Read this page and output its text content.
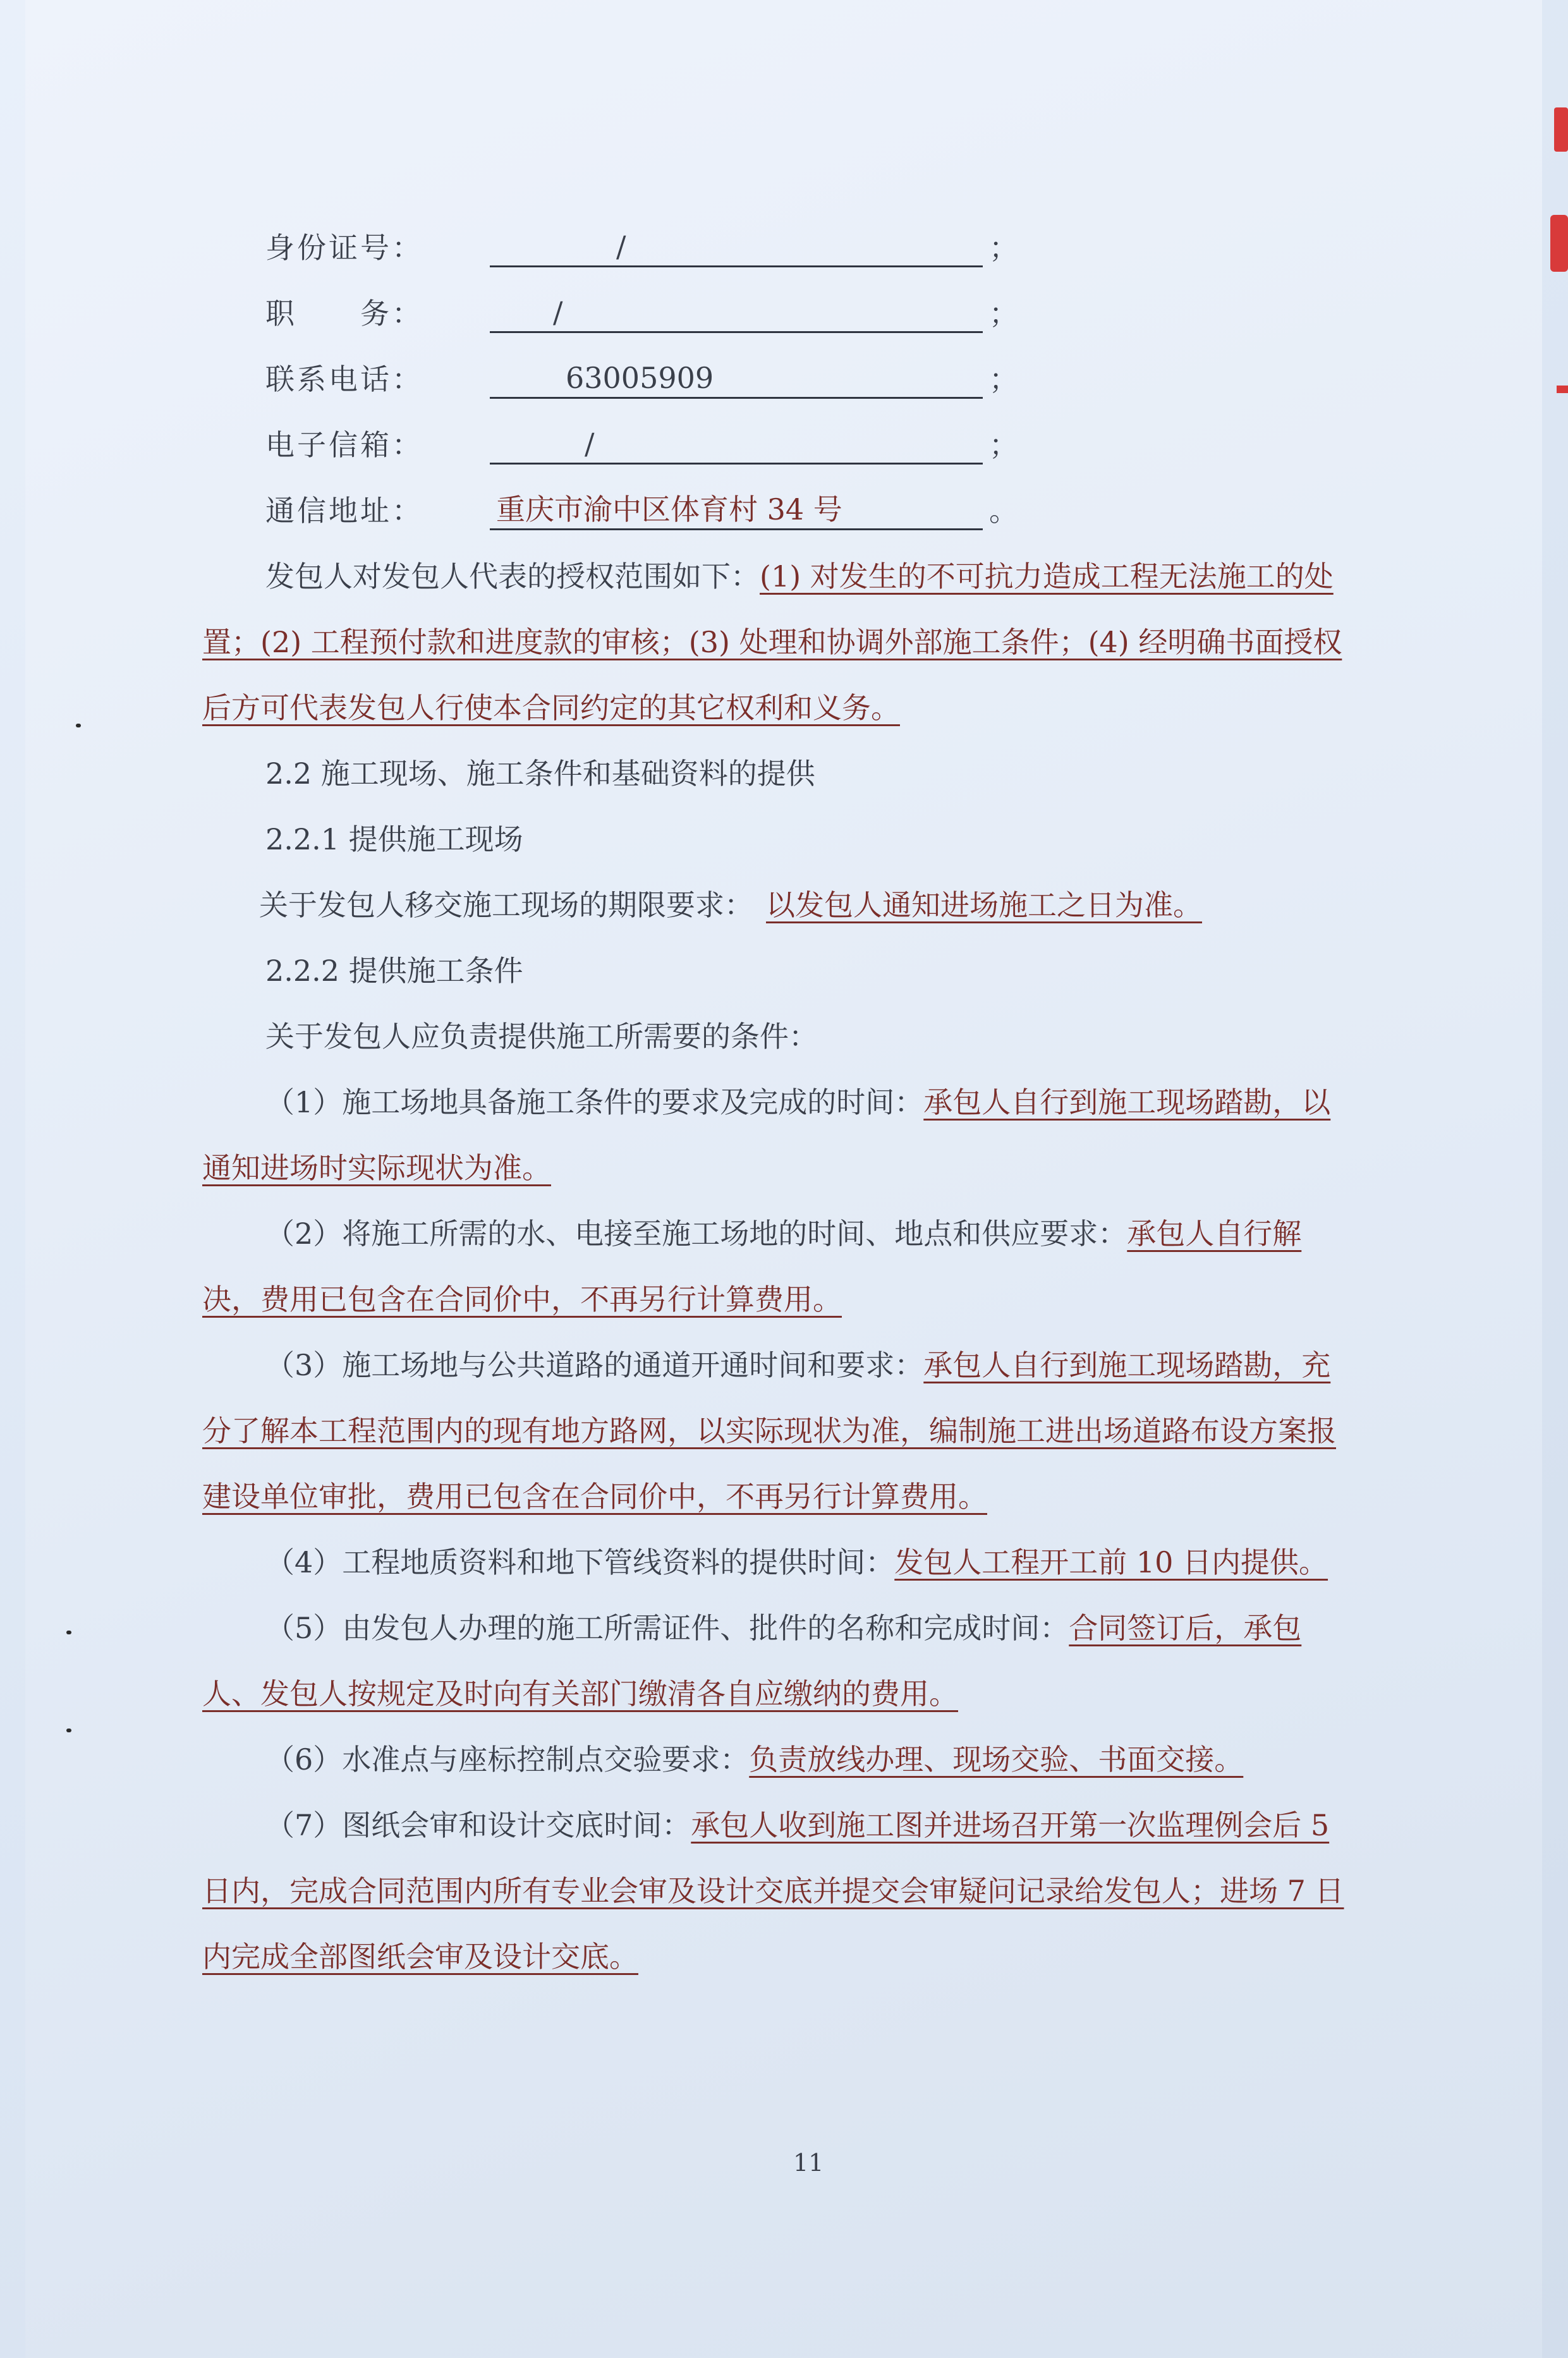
身份证号：	/	；
职　　务：	/	；
联系电话：	63005909	；
电子信箱：	/	；
通信地址：	重庆市渝中区体育村 34 号	。

发包人对发包人代表的授权范围如下：(1) 对发生的不可抗力造成工程无法施工的处置；(2) 工程预付款和进度款的审核；(3) 处理和协调外部施工条件；(4) 经明确书面授权后方可代表发包人行使本合同约定的其它权利和义务。

2.2 施工现场、施工条件和基础资料的提供

2.2.1 提供施工现场

关于发包人移交施工现场的期限要求： 以发包人通知进场施工之日为准。

2.2.2 提供施工条件

关于发包人应负责提供施工所需要的条件：

（1）施工场地具备施工条件的要求及完成的时间：承包人自行到施工现场踏勘，以通知进场时实际现状为准。

（2）将施工所需的水、电接至施工场地的时间、地点和供应要求：承包人自行解决，费用已包含在合同价中，不再另行计算费用。

（3）施工场地与公共道路的通道开通时间和要求：承包人自行到施工现场踏勘，充分了解本工程范围内的现有地方路网，以实际现状为准，编制施工进出场道路布设方案报建设单位审批，费用已包含在合同价中，不再另行计算费用。

（4）工程地质资料和地下管线资料的提供时间：发包人工程开工前 10 日内提供。

（5）由发包人办理的施工所需证件、批件的名称和完成时间：合同签订后，承包人、发包人按规定及时向有关部门缴清各自应缴纳的费用。

（6）水准点与座标控制点交验要求：负责放线办理、现场交验、书面交接。

（7）图纸会审和设计交底时间：承包人收到施工图并进场召开第一次监理例会后 5 日内，完成合同范围内所有专业会审及设计交底并提交会审疑问记录给发包人；进场 7 日内完成全部图纸会审及设计交底。

11
